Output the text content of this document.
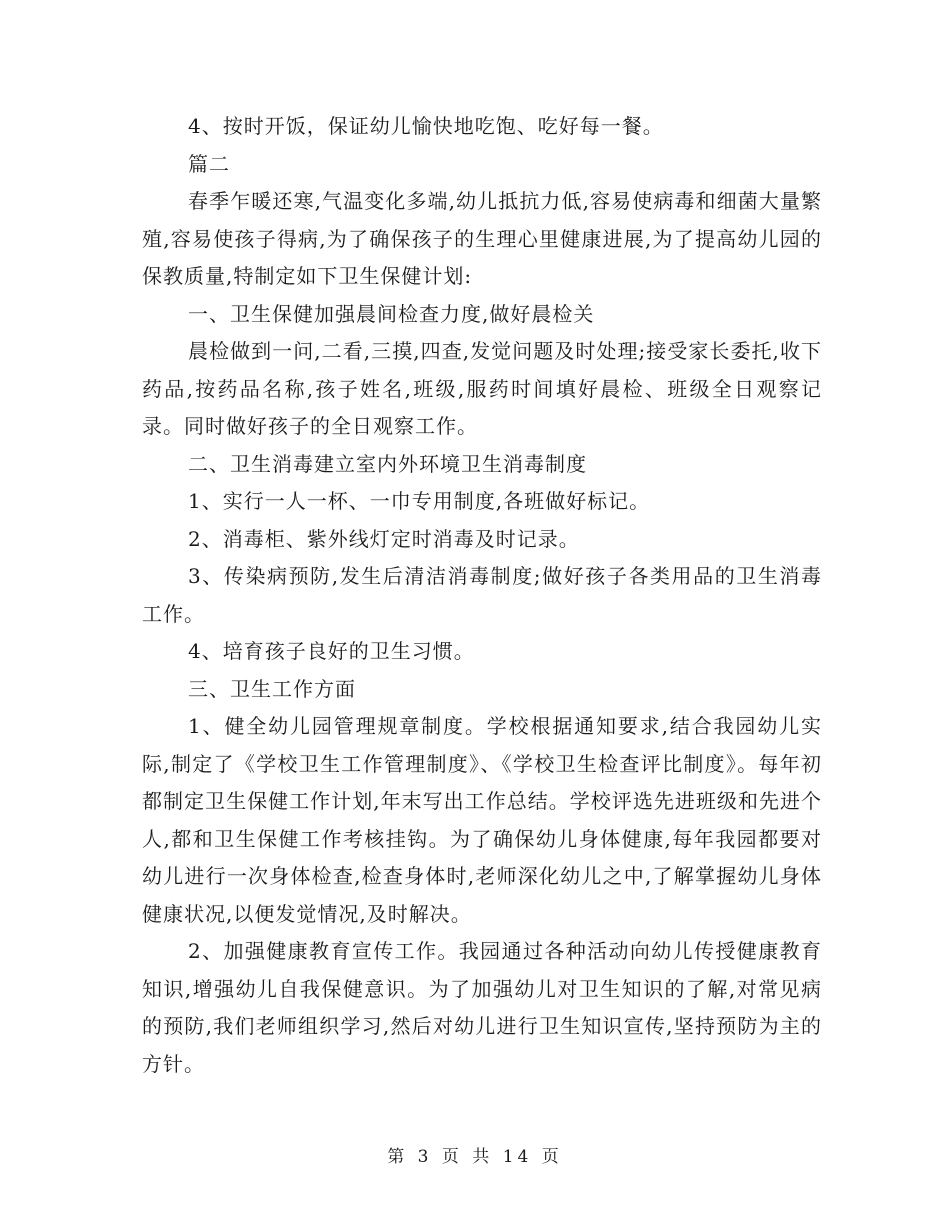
4、按时开饭，保证幼儿愉快地吃饱、吃好每一餐。

篇二

春季乍暖还寒,气温变化多端,幼儿抵抗力低,容易使病毒和细菌大量繁殖,容易使孩子得病,为了确保孩子的生理心里健康进展,为了提高幼儿园的保教质量,特制定如下卫生保健计划:

一、卫生保健加强晨间检查力度,做好晨检关

晨检做到一问,二看,三摸,四查,发觉问题及时处理;接受家长委托,收下药品,按药品名称,孩子姓名,班级,服药时间填好晨检、班级全日观察记录。同时做好孩子的全日观察工作。

二、卫生消毒建立室内外环境卫生消毒制度

1、实行一人一杯、一巾专用制度,各班做好标记。

2、消毒柜、紫外线灯定时消毒及时记录。

3、传染病预防,发生后清洁消毒制度;做好孩子各类用品的卫生消毒工作。

4、培育孩子良好的卫生习惯。

三、卫生工作方面

1、健全幼儿园管理规章制度。学校根据通知要求,结合我园幼儿实际,制定了《学校卫生工作管理制度》、《学校卫生检查评比制度》。每年初都制定卫生保健工作计划,年末写出工作总结。学校评选先进班级和先进个人,都和卫生保健工作考核挂钩。为了确保幼儿身体健康,每年我园都要对幼儿进行一次身体检查,检查身体时,老师深化幼儿之中,了解掌握幼儿身体健康状况,以便发觉情况,及时解决。

2、加强健康教育宣传工作。我园通过各种活动向幼儿传授健康教育知识,增强幼儿自我保健意识。为了加强幼儿对卫生知识的了解,对常见病的预防,我们老师组织学习,然后对幼儿进行卫生知识宣传,坚持预防为主的方针。

第 3 页 共 14 页
